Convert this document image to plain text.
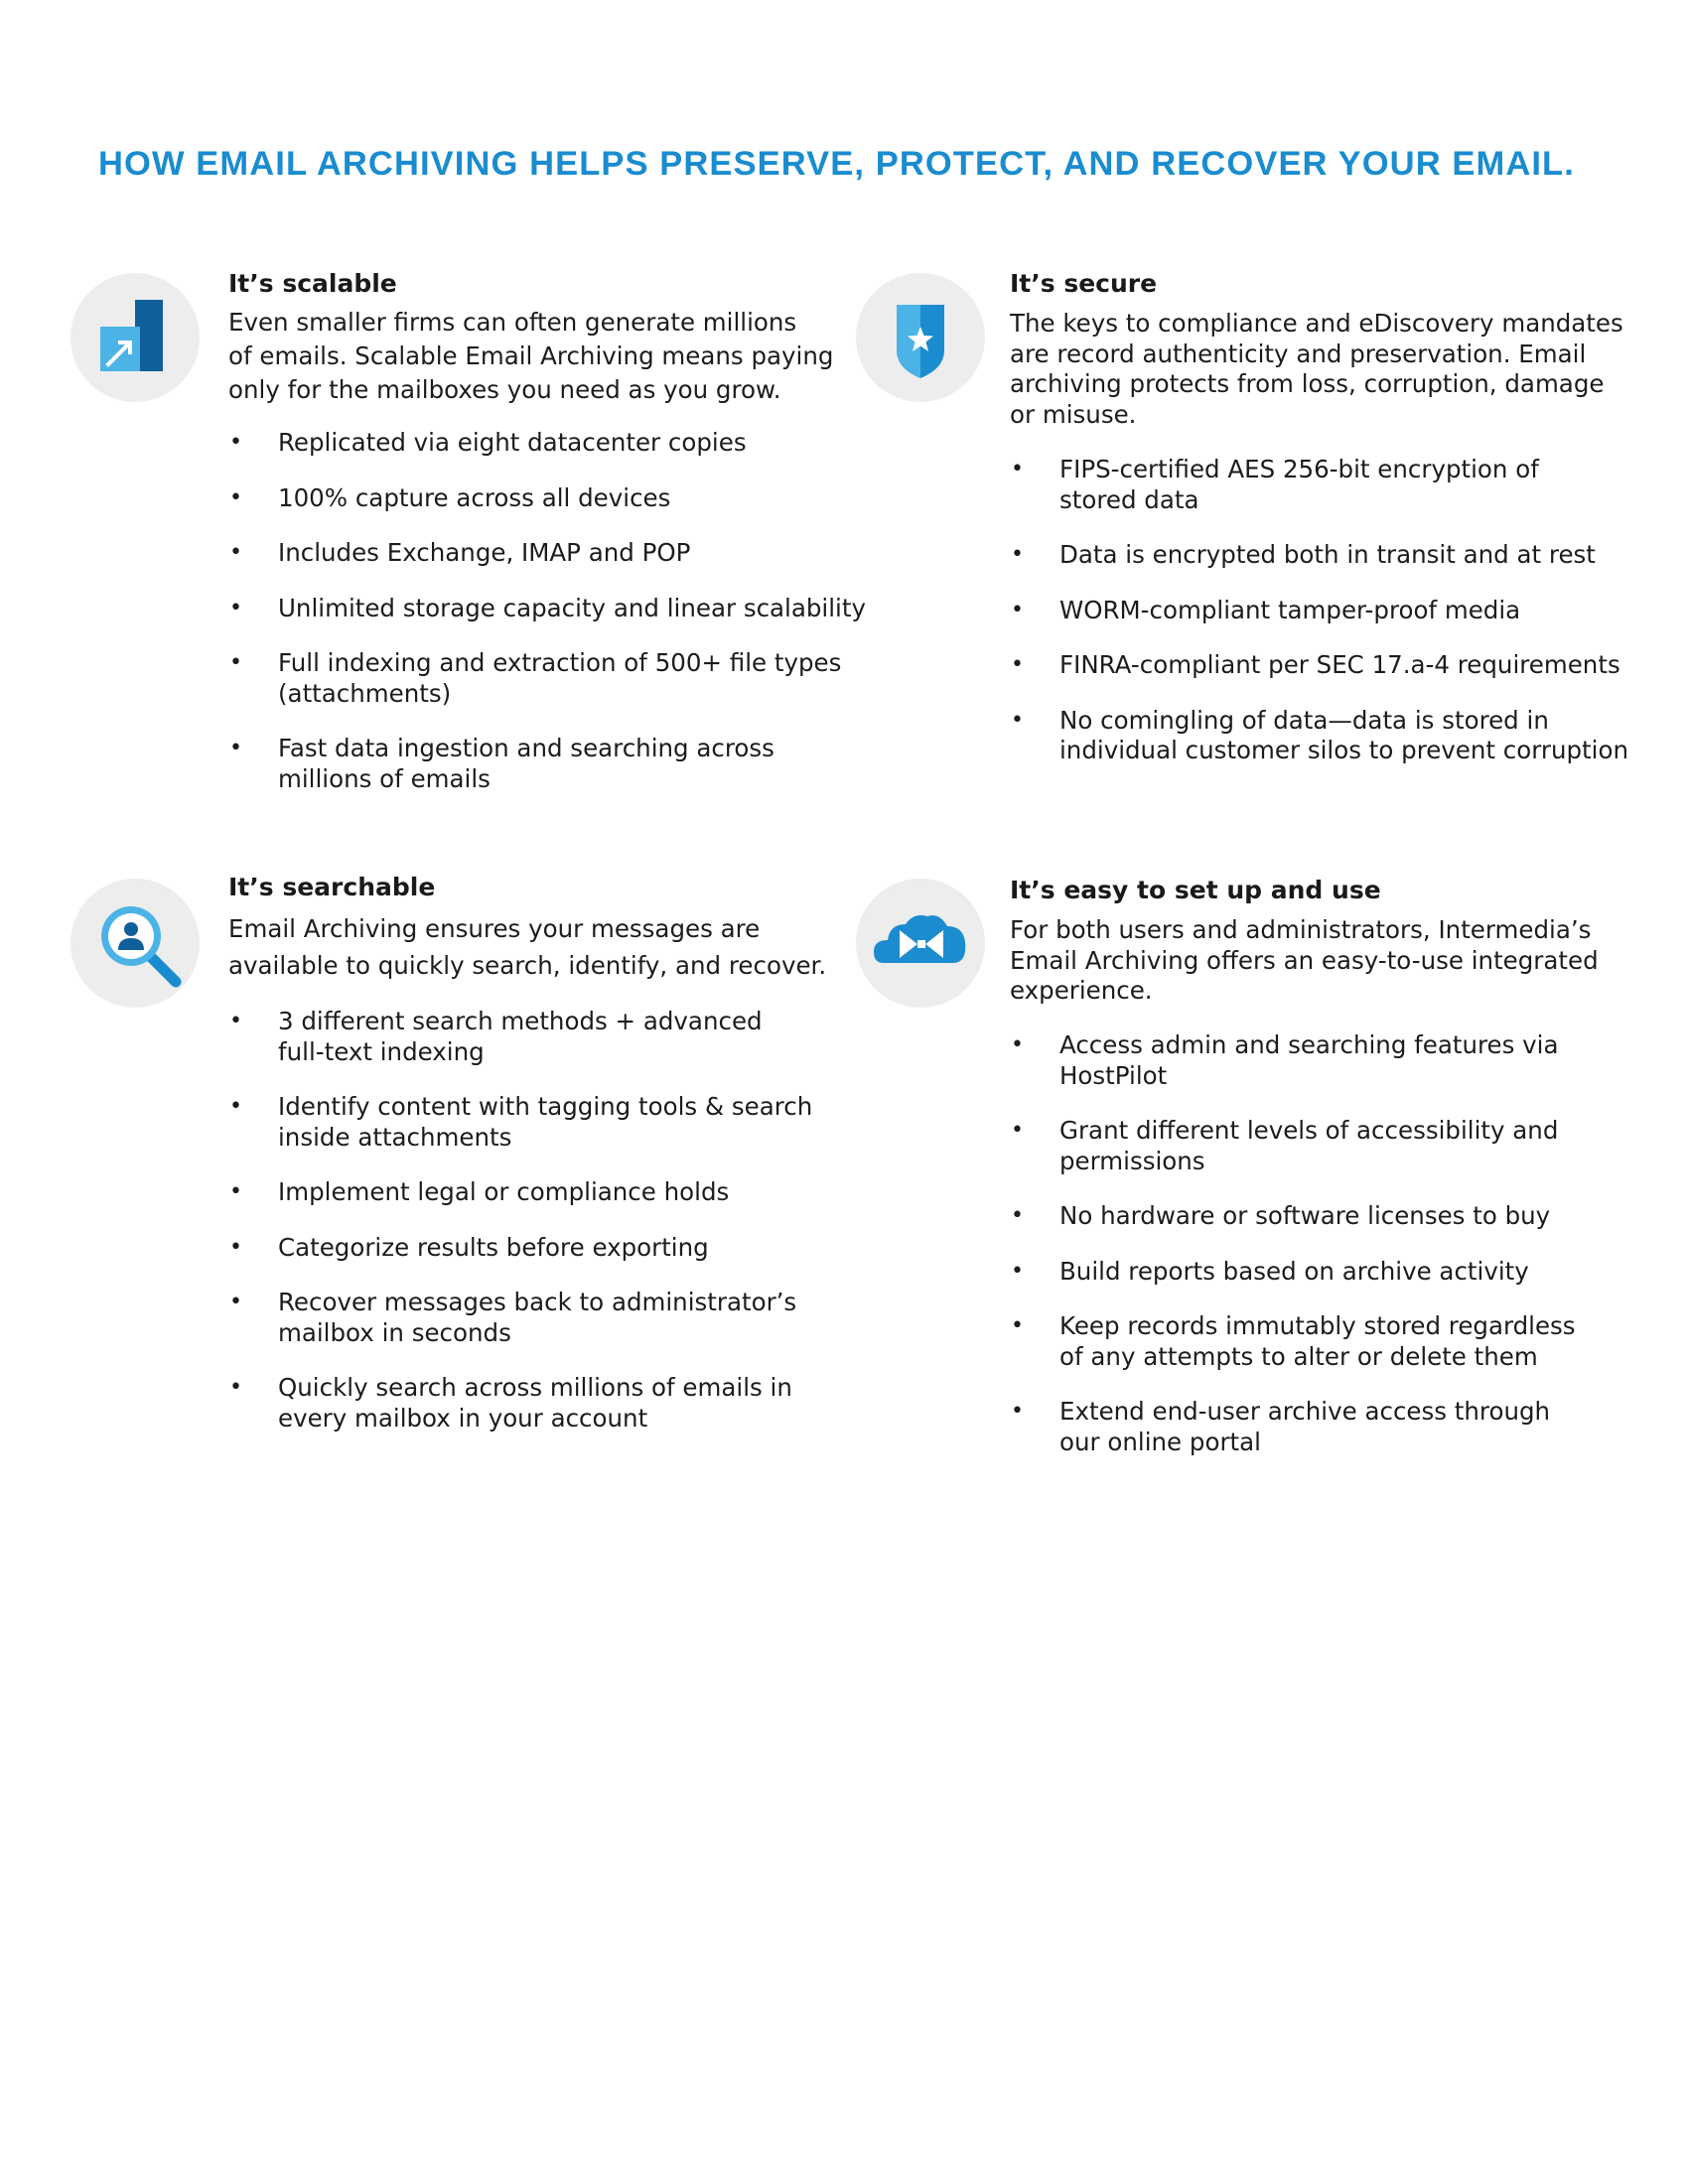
HOW EMAIL ARCHIVING HELPS PRESERVE, PROTECT, AND RECOVER YOUR EMAIL.
It’s scalable

Even smaller firms can often generate millions
of emails. Scalable Email Archiving means paying
only for the mailboxes you need as you grow.

• Replicated via eight datacenter copies
• 100% capture across all devices
• Includes Exchange, IMAP and POP
• Unlimited storage capacity and linear scalability
• Full indexing and extraction of 500+ file types
(attachments)
• Fast data ingestion and searching across
millions of emails
It’s secure

The keys to compliance and eDiscovery mandates
are record authenticity and preservation. Email
archiving protects from loss, corruption, damage
or misuse.

• FIPS-certified AES 256-bit encryption of
stored data
• Data is encrypted both in transit and at rest
• WORM-compliant tamper-proof media
• FINRA-compliant per SEC 17.a-4 requirements
• No comingling of data—data is stored in
individual customer silos to prevent corruption
It’s searchable

Email Archiving ensures your messages are
available to quickly search, identify, and recover.

• 3 different search methods + advanced
full-text indexing
• Identify content with tagging tools & search
inside attachments
• Implement legal or compliance holds
• Categorize results before exporting
• Recover messages back to administrator’s
mailbox in seconds
• Quickly search across millions of emails in
every mailbox in your account
It’s easy to set up and use

For both users and administrators, Intermedia’s
Email Archiving offers an easy-to-use integrated
experience.

• Access admin and searching features via
HostPilot
• Grant different levels of accessibility and
permissions
• No hardware or software licenses to buy
• Build reports based on archive activity
• Keep records immutably stored regardless
of any attempts to alter or delete them
• Extend end-user archive access through
our online portal
